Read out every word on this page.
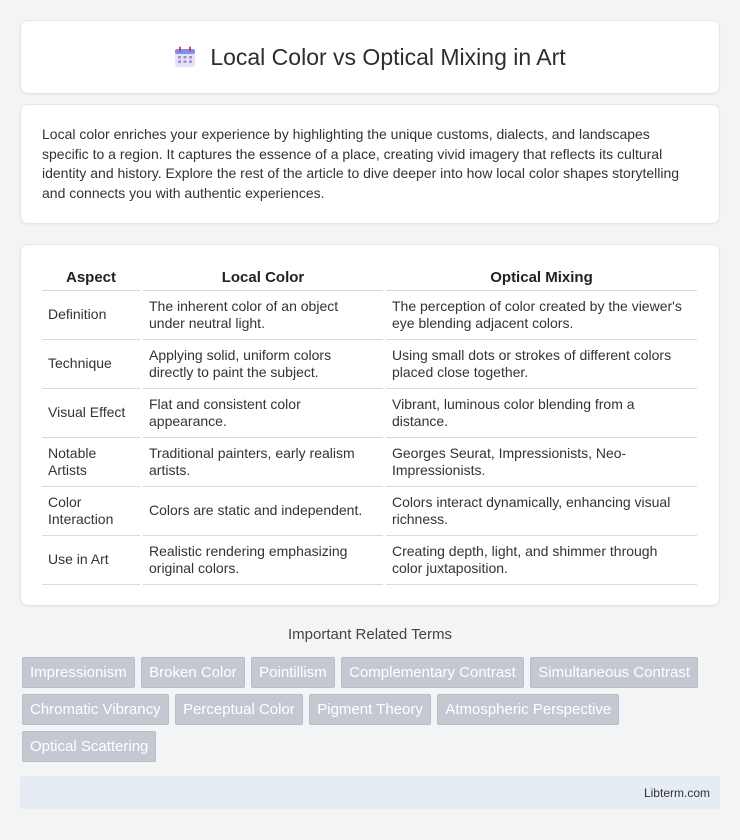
Local Color vs Optical Mixing in Art

Local color enriches your experience by highlighting the unique customs, dialects, and landscapes specific to a region. It captures the essence of a place, creating vivid imagery that reflects its cultural identity and history. Explore the rest of the article to dive deeper into how local color shapes storytelling and connects you with authentic experiences.

Aspect	Local Color	Optical Mixing
Definition	The inherent color of an object under neutral light.	The perception of color created by the viewer's eye blending adjacent colors.
Technique	Applying solid, uniform colors directly to paint the subject.	Using small dots or strokes of different colors placed close together.
Visual Effect	Flat and consistent color appearance.	Vibrant, luminous color blending from a distance.
Notable Artists	Traditional painters, early realism artists.	Georges Seurat, Impressionists, Neo-Impressionists.
Color Interaction	Colors are static and independent.	Colors interact dynamically, enhancing visual richness.
Use in Art	Realistic rendering emphasizing original colors.	Creating depth, light, and shimmer through color juxtaposition.
Important Related Terms
Impressionism Broken Color Pointillism Complementary Contrast Simultaneous Contrast Chromatic Vibrancy Perceptual Color Pigment Theory Atmospheric Perspective Optical Scattering
Libterm.com
